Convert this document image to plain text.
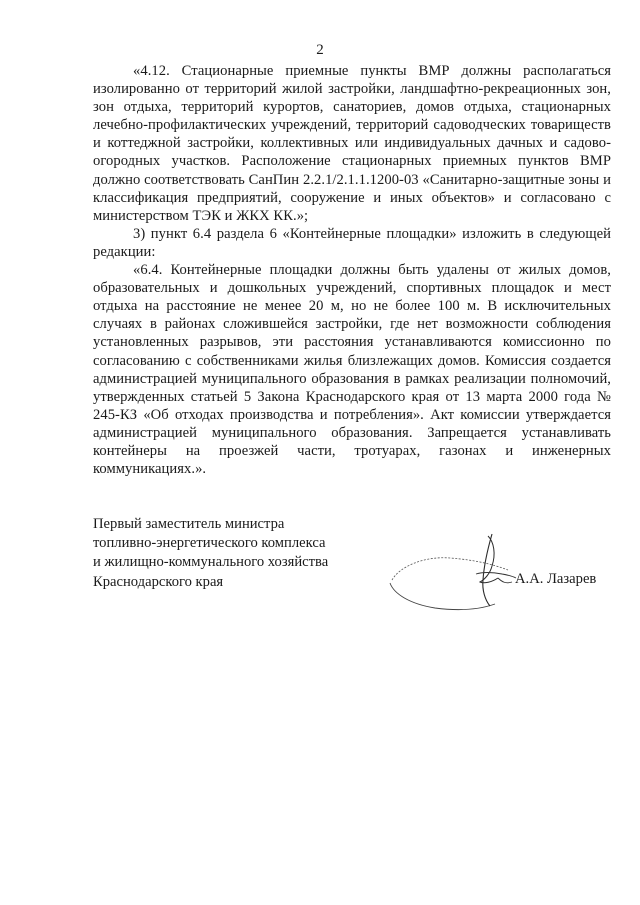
2

«4.12. Стационарные приемные пункты ВМР должны располагаться изолированно от территорий жилой застройки, ландшафтно-рекреационных зон, зон отдыха, территорий курортов, санаториев, домов отдыха, стационарных лечебно-профилактических учреждений, территорий садоводческих товариществ и коттеджной застройки, коллективных или индивидуальных дачных и садово-огородных участков. Расположение стационарных приемных пунктов ВМР должно соответствовать СанПин 2.2.1/2.1.1.1200-03 «Санитарно-защитные зоны и классификация предприятий, сооружение и иных объектов» и согласовано с министерством ТЭК и ЖКХ КК.»;

3) пункт 6.4 раздела 6 «Контейнерные площадки» изложить в следующей редакции:

«6.4. Контейнерные площадки должны быть удалены от жилых домов, образовательных и дошкольных учреждений, спортивных площадок и мест отдыха на расстояние не менее 20 м, но не более 100 м. В исключительных случаях в районах сложившейся застройки, где нет возможности соблюдения установленных разрывов, эти расстояния устанавливаются комиссионно по согласованию с собственниками жилья близлежащих домов. Комиссия создается администрацией муниципального образования в рамках реализации полномочий, утвержденных статьей 5 Закона Краснодарского края от 13 марта 2000 года № 245-КЗ «Об отходах производства и потребления». Акт комиссии утверждается администрацией муниципального образования. Запрещается устанавливать контейнеры на проезжей части, тротуарах, газонах и инженерных коммуникациях.».

Первый заместитель министра
топливно-энергетического комплекса
и жилищно-коммунального хозяйства
Краснодарского края	А.А. Лазарев
